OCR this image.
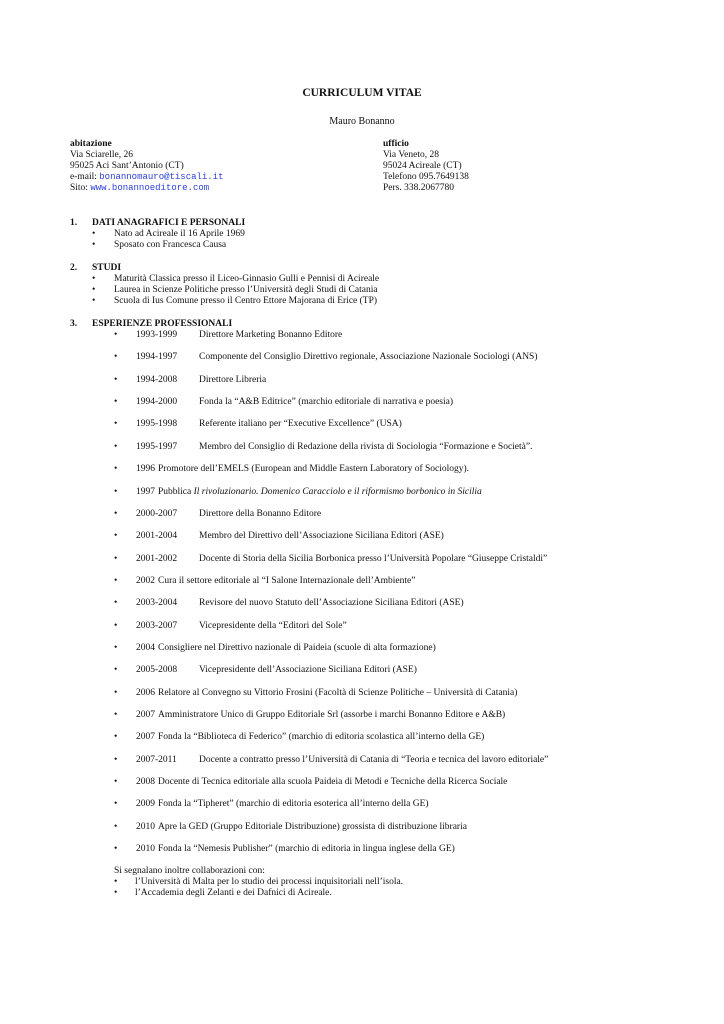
CURRICULUM VITAE
Mauro Bonanno
abitazione
Via Sciarelle, 26
95025 Aci Sant’Antonio (CT)
e-mail: bonannomauro@tiscali.it
Sito: www.bonannoeditore.com
ufficio
Via Veneto, 28
95024 Acireale (CT)
Telefono 095.7649138
Pers. 338.2067780
1. DATI ANAGRAFICI E PERSONALI
• Nato ad Acireale il 16 Aprile 1969
• Sposato con Francesca Causa
2. STUDI
• Maturità Classica presso il Liceo-Ginnasio Gulli e Pennisi di Acireale
• Laurea in Scienze Politiche presso l’Università degli Studi di Catania
• Scuola di Ius Comune presso il Centro Ettore Majorana di Erice (TP)
3. ESPERIENZE PROFESSIONALI
• 1993-1999 Direttore Marketing Bonanno Editore
• 1994-1997 Componente del Consiglio Direttivo regionale, Associazione Nazionale Sociologi (ANS)
• 1994-2008 Direttore Libreria
• 1994-2000 Fonda la “A&B Editrice” (marchio editoriale di narrativa e poesia)
• 1995-1998 Referente italiano per “Executive Excellence” (USA)
• 1995-1997 Membro del Consiglio di Redazione della rivista di Sociologia “Formazione e Società”.
• 1996 Promotore dell’EMELS (European and Middle Eastern Laboratory of Sociology).
• 1997 Pubblica Il rivoluzionario. Domenico Caracciolo e il riformismo borbonico in Sicilia
• 2000-2007 Direttore della Bonanno Editore
• 2001-2004 Membro del Direttivo dell’Associazione Siciliana Editori (ASE)
• 2001-2002 Docente di Storia della Sicilia Borbonica presso l’Università Popolare “Giuseppe Cristaldi”
• 2002 Cura il settore editoriale al “I Salone Internazionale dell’Ambiente”
• 2003-2004 Revisore del nuovo Statuto dell’Associazione Siciliana Editori (ASE)
• 2003-2007 Vicepresidente della “Editori del Sole”
• 2004 Consigliere nel Direttivo nazionale di Paideia (scuole di alta formazione)
• 2005-2008 Vicepresidente dell’Associazione Siciliana Editori (ASE)
• 2006 Relatore al Convegno su Vittorio Frosini (Facoltà di Scienze Politiche – Università di Catania)
• 2007 Amministratore Unico di Gruppo Editoriale Srl (assorbe i marchi Bonanno Editore e A&B)
• 2007 Fonda la “Biblioteca di Federico” (marchio di editoria scolastica all’interno della GE)
• 2007-2011 Docente a contratto presso l’Università di Catania di “Teoria e tecnica del lavoro editoriale”
• 2008 Docente di Tecnica editoriale alla scuola Paideia di Metodi e Tecniche della Ricerca Sociale
• 2009 Fonda la “Tipheret” (marchio di editoria esoterica all’interno della GE)
• 2010 Apre la GED (Gruppo Editoriale Distribuzione) grossista di distribuzione libraria
• 2010 Fonda la “Nemesis Publisher” (marchio di editoria in lingua inglese della GE)
Si segnalano inoltre collaborazioni con:
• l’Università di Malta per lo studio dei processi inquisitoriali nell’isola.
• l’Accademia degli Zelanti e dei Dafnici di Acireale.
